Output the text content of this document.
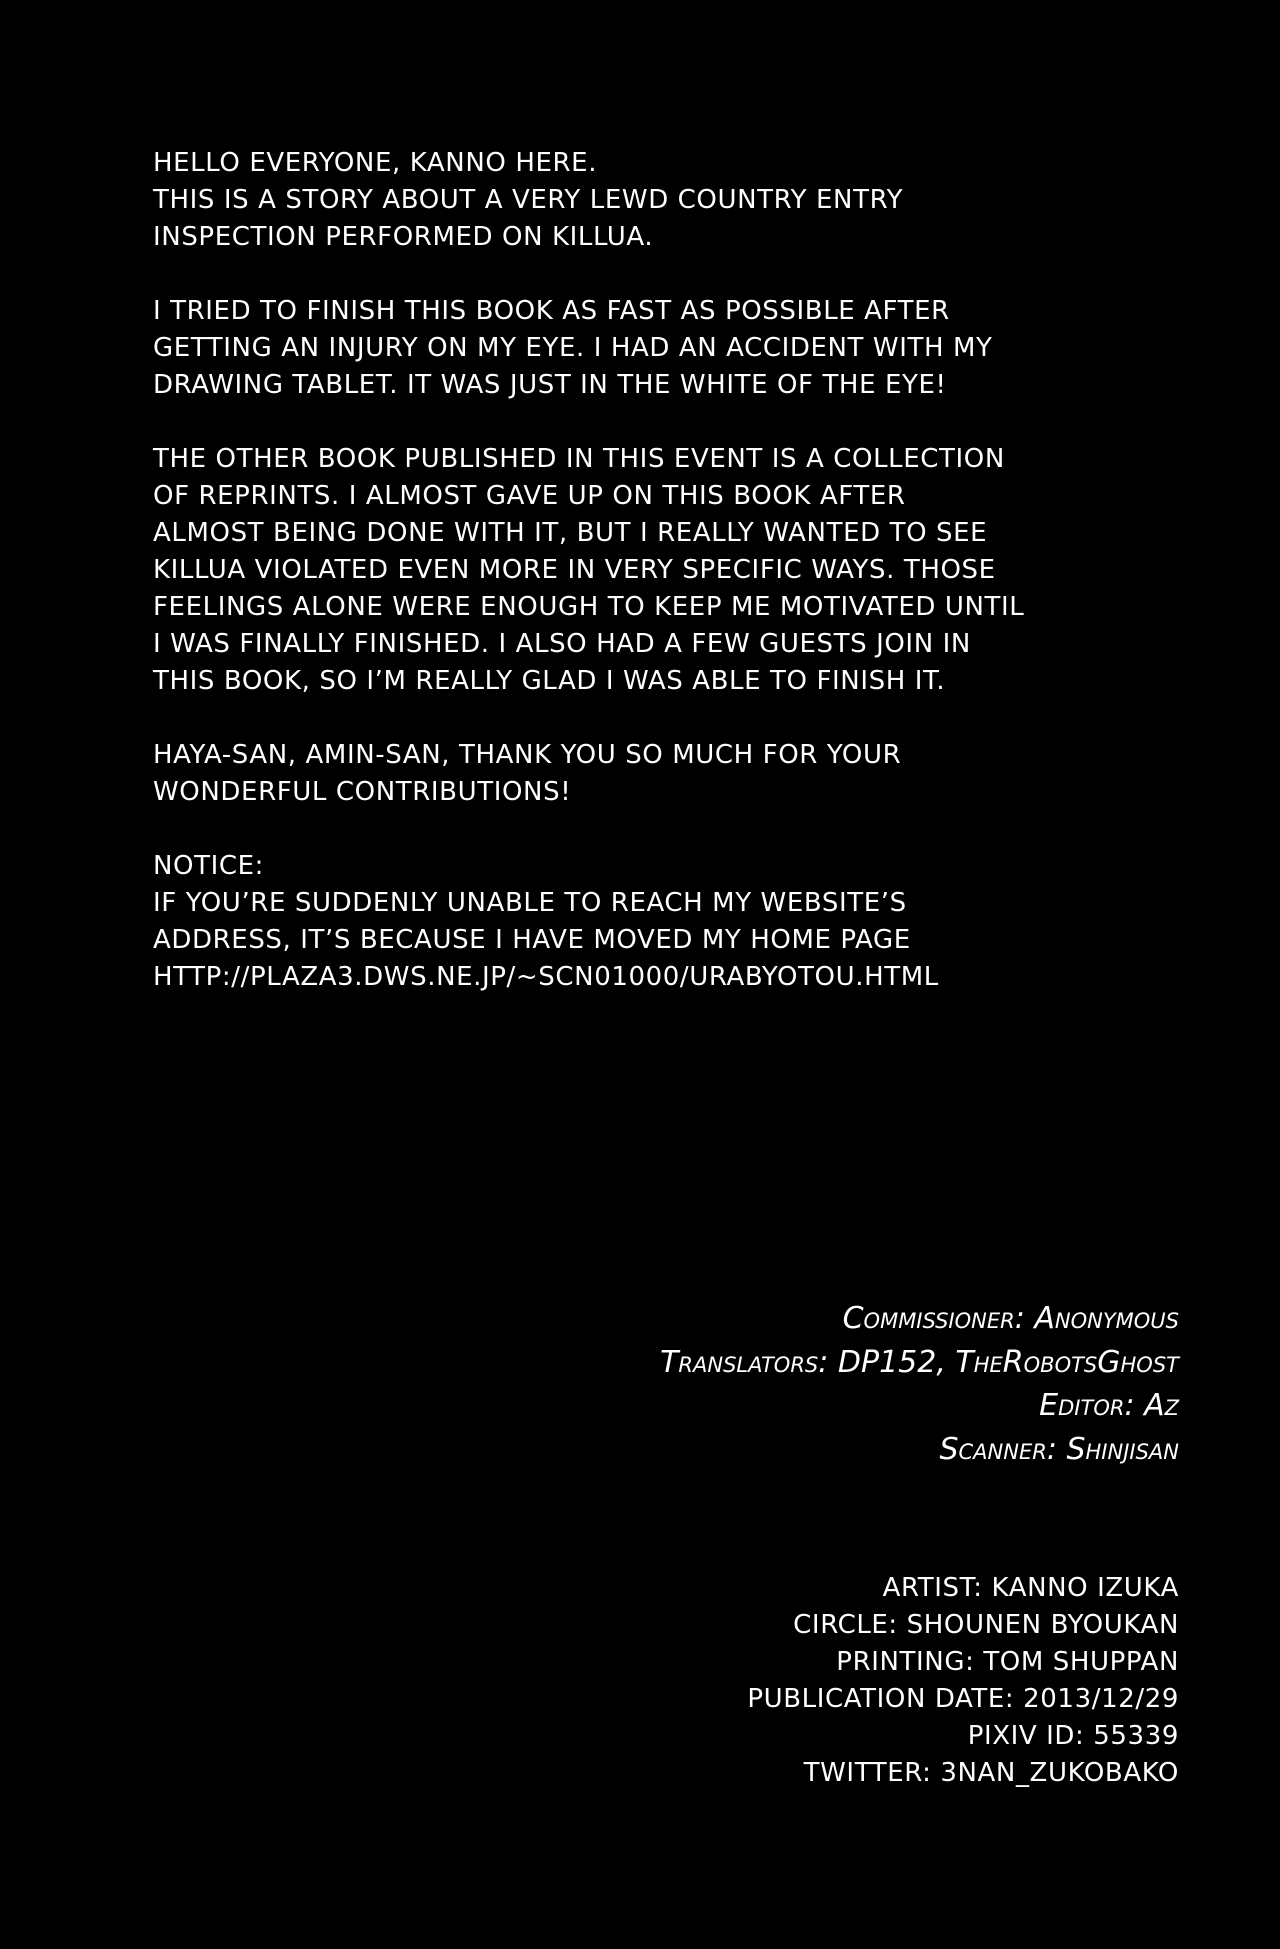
HELLO EVERYONE, KANNO HERE.
THIS IS A STORY ABOUT A VERY LEWD COUNTRY ENTRY
INSPECTION PERFORMED ON KILLUA.
I TRIED TO FINISH THIS BOOK AS FAST AS POSSIBLE AFTER
GETTING AN INJURY ON MY EYE. I HAD AN ACCIDENT WITH MY
DRAWING TABLET. IT WAS JUST IN THE WHITE OF THE EYE!
THE OTHER BOOK PUBLISHED IN THIS EVENT IS A COLLECTION
OF REPRINTS. I ALMOST GAVE UP ON THIS BOOK AFTER
ALMOST BEING DONE WITH IT, BUT I REALLY WANTED TO SEE
KILLUA VIOLATED EVEN MORE IN VERY SPECIFIC WAYS. THOSE
FEELINGS ALONE WERE ENOUGH TO KEEP ME MOTIVATED UNTIL
I WAS FINALLY FINISHED. I ALSO HAD A FEW GUESTS JOIN IN
THIS BOOK, SO I’M REALLY GLAD I WAS ABLE TO FINISH IT.
HAYA-SAN, AMIN-SAN, THANK YOU SO MUCH FOR YOUR
WONDERFUL CONTRIBUTIONS!
NOTICE:
IF YOU’RE SUDDENLY UNABLE TO REACH MY WEBSITE’S
ADDRESS, IT’S BECAUSE I HAVE MOVED MY HOME PAGE
HTTP://PLAZA3.DWS.NE.JP/~SCN01000/URABYOTOU.HTML
Commissioner: Anonymous
Translators: DP152, TheRobotsGhost
Editor: Az
Scanner: Shinjisan
ARTIST: KANNO IZUKA
CIRCLE: SHOUNEN BYOUKAN
PRINTING: TOM SHUPPAN
PUBLICATION DATE: 2013/12/29
PIXIV ID: 55339
TWITTER: 3NAN_ZUKOBAKO
